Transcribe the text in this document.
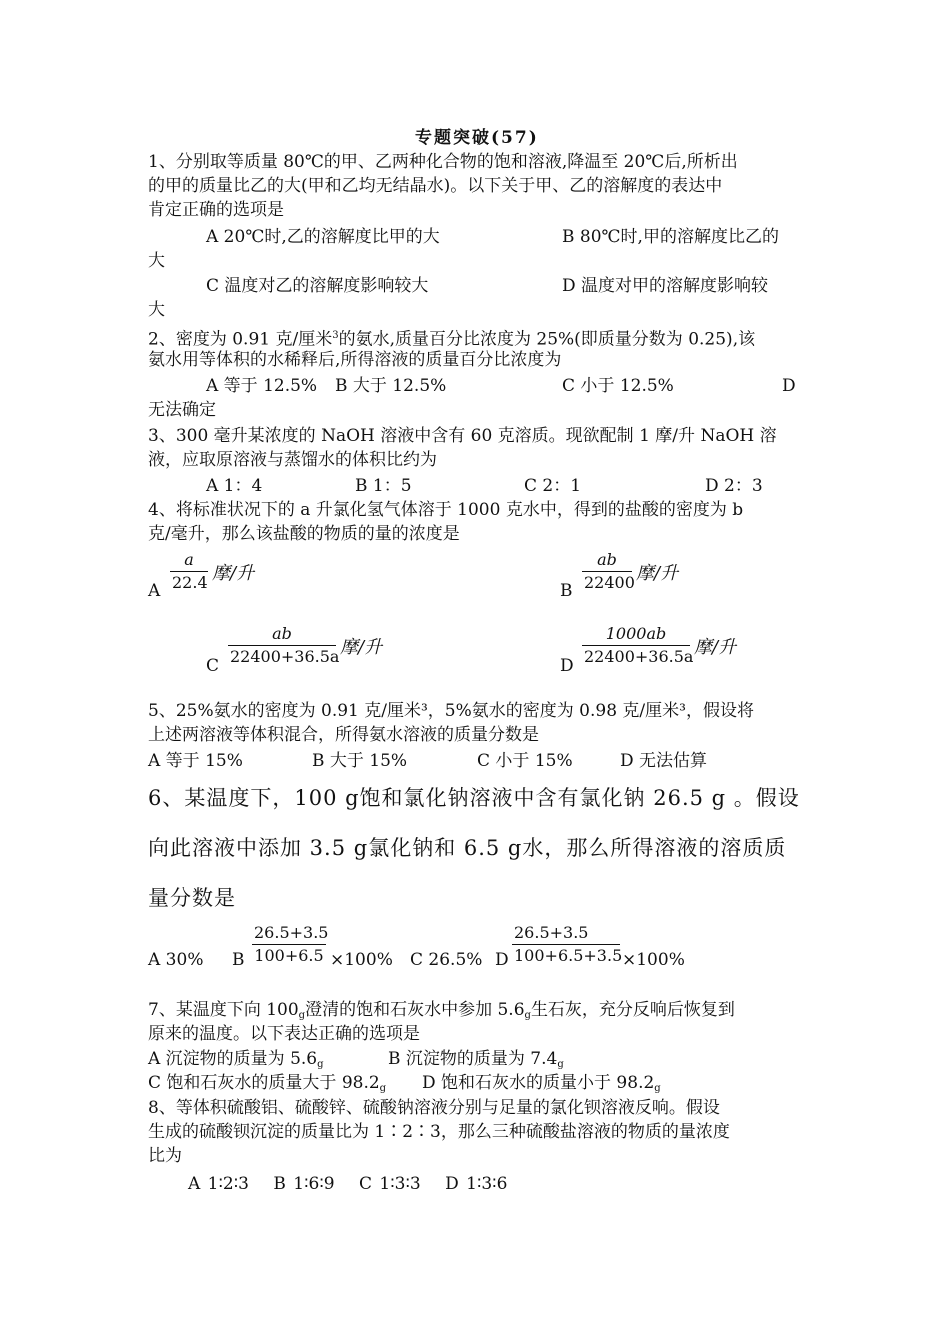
专题突破(57)
1、分别取等质量 80℃的甲、乙两种化合物的饱和溶液,降温至 20℃后,所析出
的甲的质量比乙的大(甲和乙均无结晶水)。以下关于甲、乙的溶解度的表达中
肯定正确的选项是
A 20℃时,乙的溶解度比甲的大	B 80℃时,甲的溶解度比乙的
大
C 温度对乙的溶解度影响较大	D 温度对甲的溶解度影响较
大
2、密度为 0.91 克/厘米$^3$的氨水,质量百分比浓度为 25%(即质量分数为 0.25),该
氨水用等体积的水稀释后,所得溶液的质量百分比浓度为
A 等于 12.5% B 大于 12.5%	C 小于 12.5%	D
无法确定
3、300 毫升某浓度的 NaOH 溶液中含有 60 克溶质。现欲配制 1 摩/升 NaOH 溶
液，应取原溶液与蒸馏水的体积比约为
A 1：4	B 1：5	C 2：1	D 2：3
4、将标准状况下的 a 升氯化氢气体溶于 1000 克水中，得到的盐酸的密度为 b
克/毫升，那么该盐酸的物质的量的浓度是
A
a
22.4 摩/升
B
ab
22400 摩/升
C
ab
22400+36.5a 摩/升
D
1000ab
22400+36.5a 摩/升
5、25%氨水的密度为 0.91 克/厘米³，5%氨水的密度为 0.98 克/厘米³，假设将
上述两溶液等体积混合，所得氨水溶液的质量分数是
A 等于 15%	B 大于 15%	C 小于 15%	D 无法估算
6、某温度下，100 g饱和氯化钠溶液中含有氯化钠 26.5 g 。假设
向此溶液中添加 3.5 g氯化钠和 6.5 g水，那么所得溶液的溶质质
量分数是
A 30% B
26.5+3.5
100+6.5 ×100% C 26.5% D
26.5+3.5
100+6.5+3.5 ×100%
7、某温度下向 $100_g$澄清的饱和石灰水中参加 $5.6_g$生石灰，充分反响后恢复到
原来的温度。以下表达正确的选项是
A 沉淀物的质量为 $5.6_g$	B 沉淀物的质量为 $7.4_g$
C 饱和石灰水的质量大于 $98.2_g$ D 饱和石灰水的质量小于 $98.2_g$
8、等体积硫酸铝、硫酸锌、硫酸钠溶液分别与足量的氯化钡溶液反响。假设
生成的硫酸钡沉淀的质量比为 1∶2∶3，那么三种硫酸盐溶液的物质的量浓度
比为
A 1∶2∶3　 B 1∶6∶9　 C 1∶3∶3　 D 1∶3∶6
